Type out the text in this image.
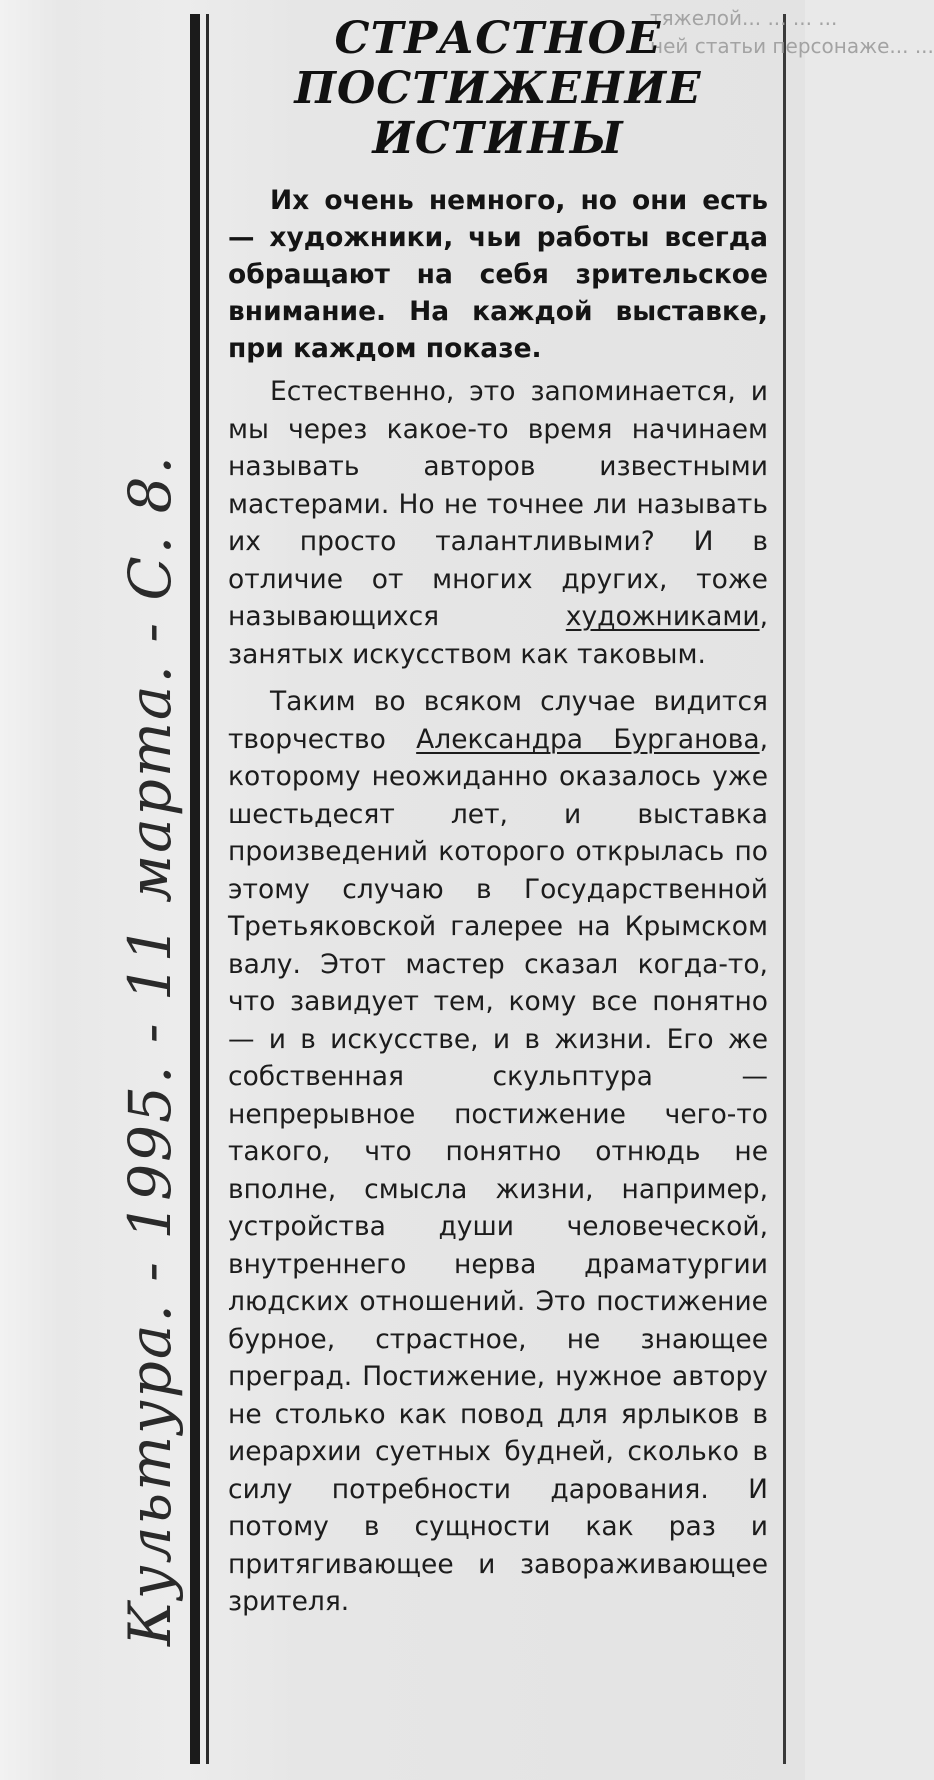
Культура. - 1995. - 11 марта. - С. 8.
тяжелой... ... ... ...
ней статьи персонаже... ...
СТРАСТНОЕ
ПОСТИЖЕНИЕ
ИСТИНЫ

Их очень немного, но они есть — художники, чьи работы всегда обращают на себя зрительское внимание. На каждой выставке, при каждом показе.

Естественно, это запоминается, и мы через какое-то время начинаем называть авторов известными мастерами. Но не точнее ли называть их просто талантливыми? И в отличие от многих других, тоже называющихся художниками, занятых искусством как таковым.

Таким во всяком случае видится творчество Александра Бурганова, которому неожиданно оказалось уже шестьдесят лет, и выставка произведений которого открылась по этому случаю в Государственной Третьяковской галерее на Крымском валу. Этот мастер сказал когда-то, что завидует тем, кому все понятно — и в искусстве, и в жизни. Его же собственная скульптура — непрерывное постижение чего-то такого, что понятно отнюдь не вполне, смысла жизни, например, устройства души человеческой, внутреннего нерва драматургии людских отношений. Это постижение бурное, страстное, не знающее преград. Постижение, нужное автору не столько как повод для ярлыков в иерархии суетных будней, сколько в силу потребности дарования. И потому в сущности как раз и притягивающее и завораживающее зрителя.
